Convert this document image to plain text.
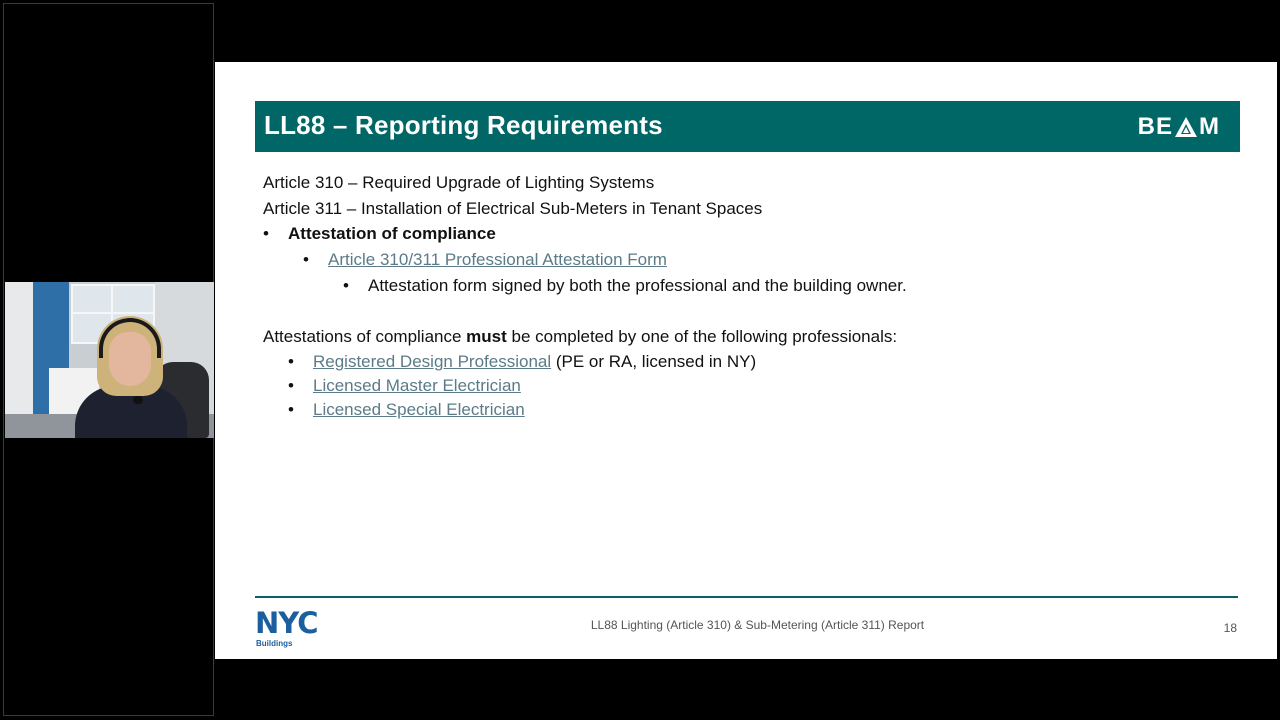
LL88 – Reporting Requirements	BE M
Article 310 – Required Upgrade of Lighting Systems
Article 311 – Installation of Electrical Sub-Meters in Tenant Spaces
• Attestation of compliance
• Article 310/311 Professional Attestation Form
• Attestation form signed by both the professional and the building owner.
Attestations of compliance must be completed by one of the following professionals:
• Registered Design Professional (PE or RA, licensed in NY)
• Licensed Master Electrician
• Licensed Special Electrician
NYC
Buildings
LL88 Lighting (Article 310) & Sub-Metering (Article 311) Report	18
